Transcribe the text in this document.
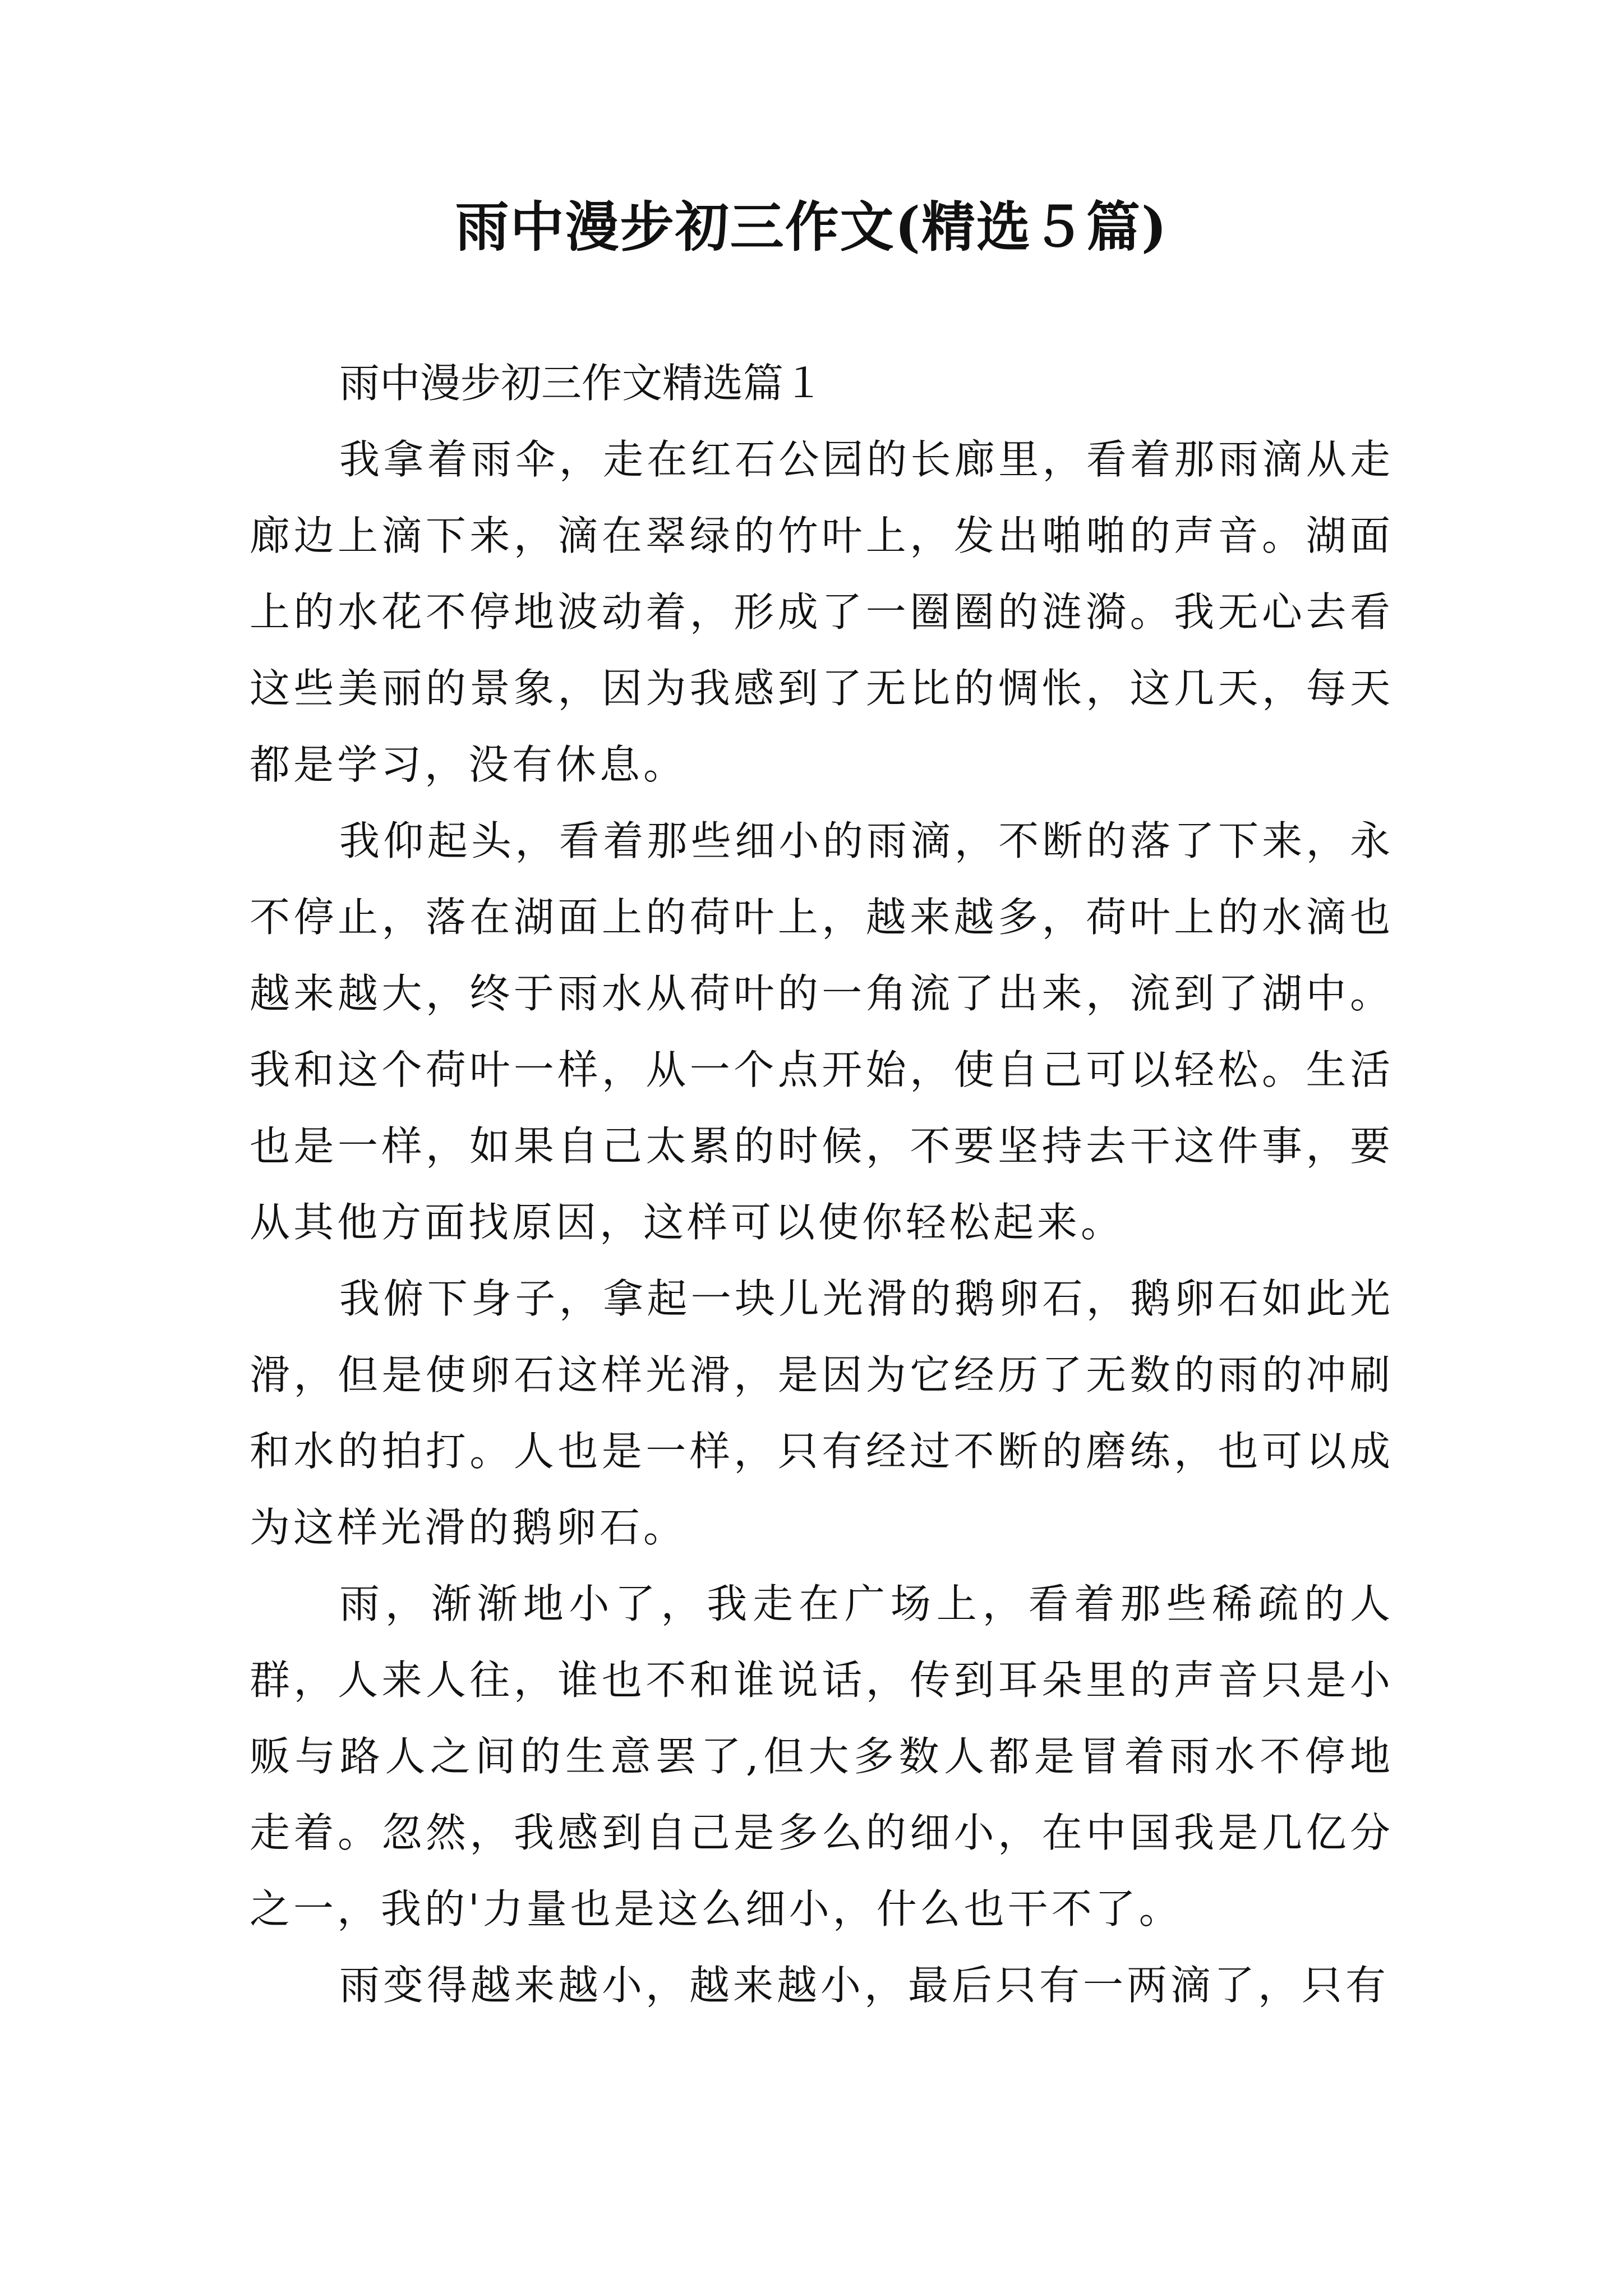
雨中漫步初三作文(精选５篇)

雨中漫步初三作文精选篇１

我拿着雨伞，走在红石公园的长廊里，看着那雨滴从走廊边上滴下来，滴在翠绿的竹叶上，发出啪啪的声音。湖面上的水花不停地波动着，形成了一圈圈的涟漪。我无心去看这些美丽的景象，因为我感到了无比的惆怅，这几天，每天都是学习，没有休息。

我仰起头，看着那些细小的雨滴，不断的落了下来，永不停止，落在湖面上的荷叶上，越来越多，荷叶上的水滴也越来越大，终于雨水从荷叶的一角流了出来，流到了湖中。我和这个荷叶一样，从一个点开始，使自己可以轻松。生活也是一样，如果自己太累的时候，不要坚持去干这件事，要从其他方面找原因，这样可以使你轻松起来。

我俯下身子，拿起一块儿光滑的鹅卵石，鹅卵石如此光滑，但是使卵石这样光滑，是因为它经历了无数的雨的冲刷和水的拍打。人也是一样，只有经过不断的磨练，也可以成为这样光滑的鹅卵石。

雨，渐渐地小了，我走在广场上，看着那些稀疏的人群，人来人往，谁也不和谁说话，传到耳朵里的声音只是小贩与路人之间的生意罢了,但大多数人都是冒着雨水不停地走着。忽然，我感到自己是多么的细小，在中国我是几亿分之一，我的'力量也是这么细小，什么也干不了。

雨变得越来越小，越来越小，最后只有一两滴了，只有
